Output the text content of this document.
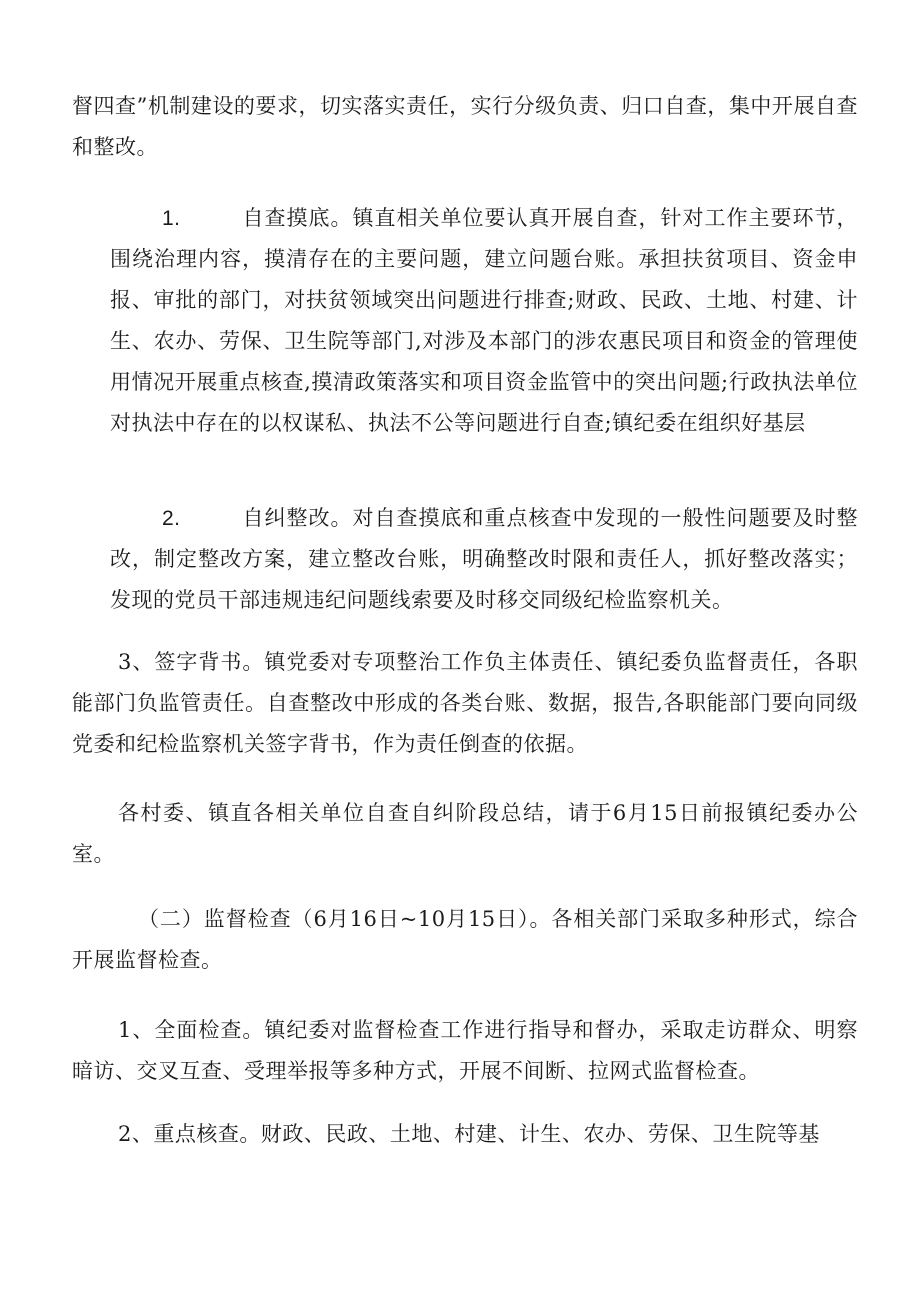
督四查”机制建设的要求，切实落实责任，实行分级负责、归口自查，集中开展自查和整改。

1.	自查摸底。镇直相关单位要认真开展自查，针对工作主要环节，围绕治理内容，摸清存在的主要问题，建立问题台账。承担扶贫项目、资金申报、审批的部门，对扶贫领域突出问题进行排查;财政、民政、土地、村建、计生、农办、劳保、卫生院等部门,对涉及本部门的涉农惠民项目和资金的管理使用情况开展重点核查,摸清政策落实和项目资金监管中的突出问题;行政执法单位对执法中存在的以权谋私、执法不公等问题进行自查;镇纪委在组织好基层

2.	自纠整改。对自查摸底和重点核查中发现的一般性问题要及时整改，制定整改方案，建立整改台账，明确整改时限和责任人，抓好整改落实；发现的党员干部违规违纪问题线索要及时移交同级纪检监察机关。

3、签字背书。镇党委对专项整治工作负主体责任、镇纪委负监督责任，各职能部门负监管责任。自查整改中形成的各类台账、数据，报告,各职能部门要向同级党委和纪检监察机关签字背书，作为责任倒查的依据。

各村委、镇直各相关单位自查自纠阶段总结，请于6月15日前报镇纪委办公室。

（二）监督检查（6月16日~10月15日）。各相关部门采取多种形式，综合开展监督检查。

1、全面检查。镇纪委对监督检查工作进行指导和督办，采取走访群众、明察暗访、交叉互查、受理举报等多种方式，开展不间断、拉网式监督检查。

2、重点核查。财政、民政、土地、村建、计生、农办、劳保、卫生院等基
